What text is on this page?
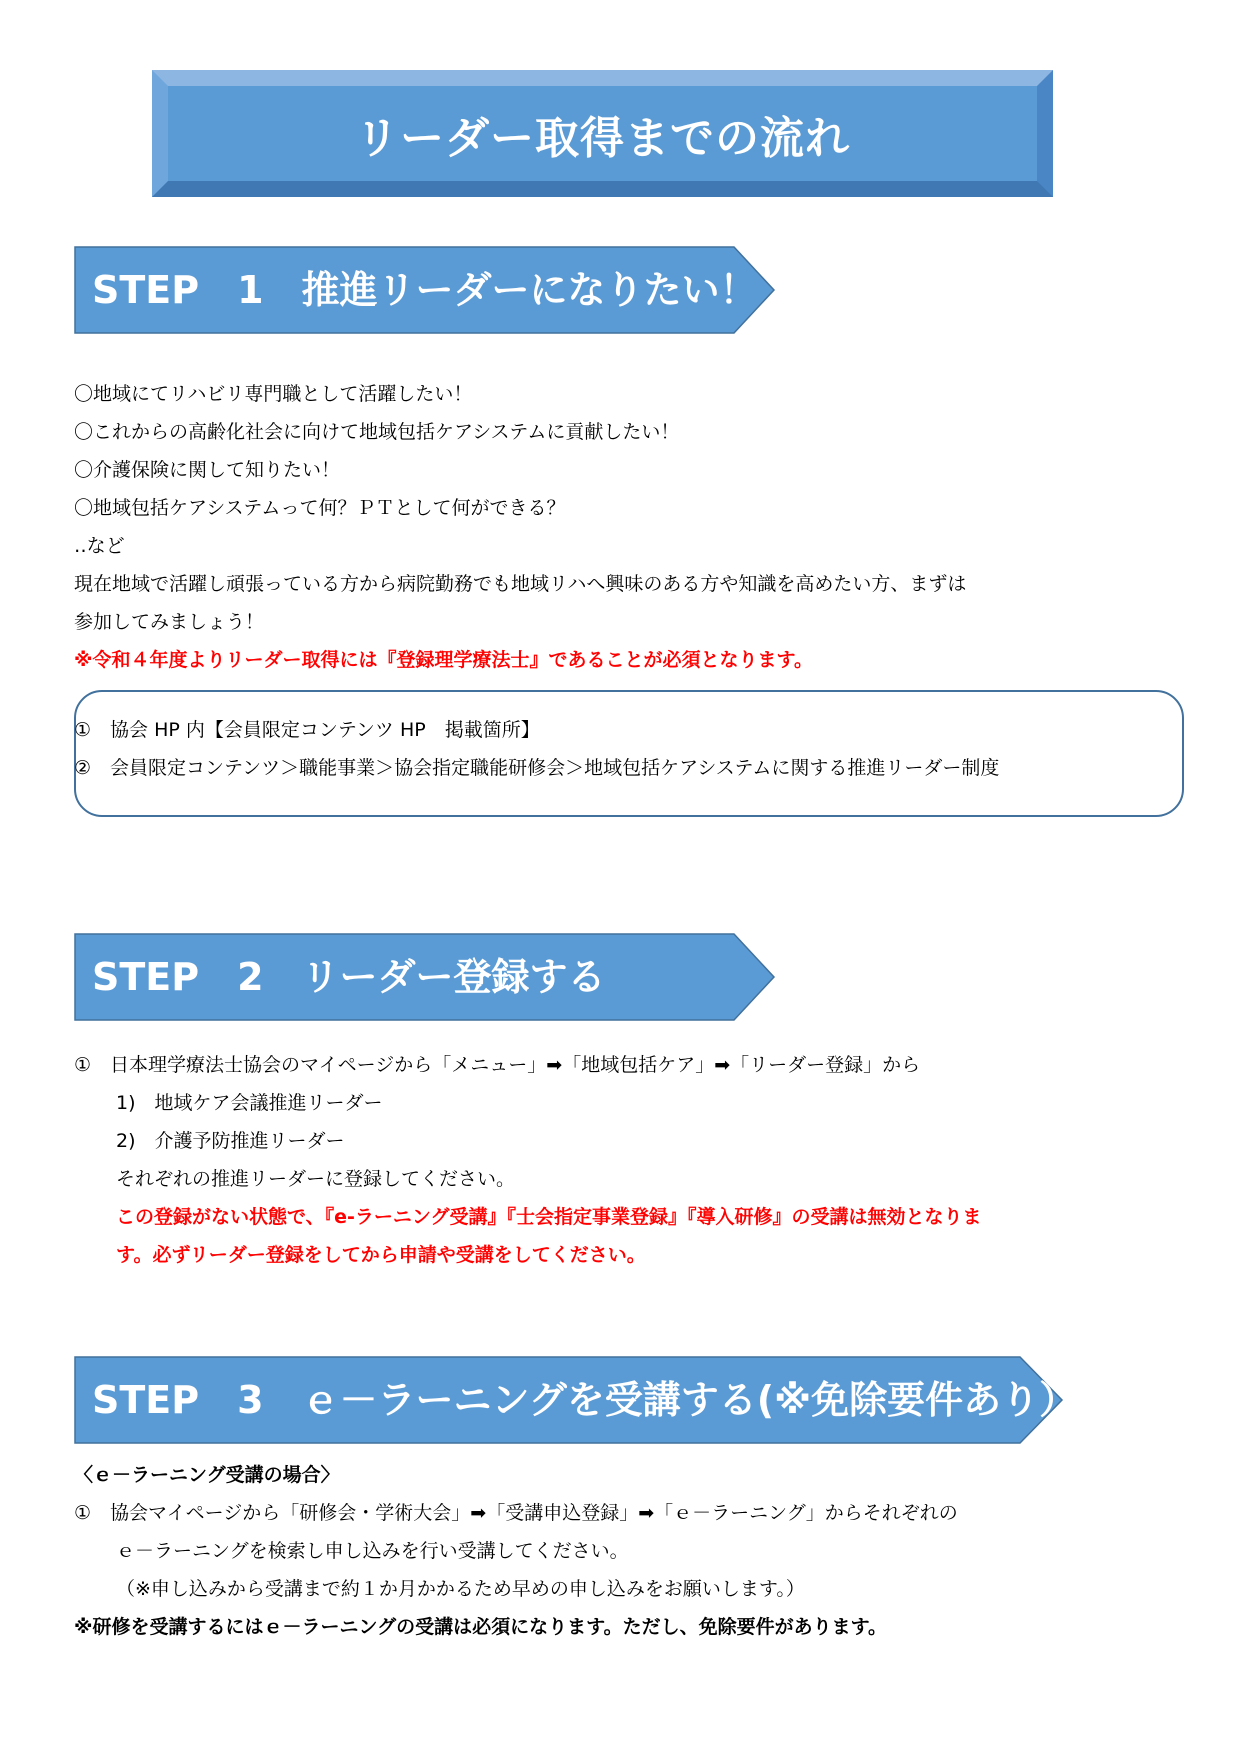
リーダー取得までの流れ
STEP　1　推進リーダーになりたい！
〇地域にてリハビリ専門職として活躍したい！
〇これからの高齢化社会に向けて地域包括ケアシステムに貢献したい！
〇介護保険に関して知りたい！
〇地域包括ケアシステムって何？ＰＴとして何ができる？
‥など
現在地域で活躍し頑張っている方から病院勤務でも地域リハへ興味のある方や知識を高めたい方、まずは
参加してみましょう！
※令和４年度よりリーダー取得には『登録理学療法士』であることが必須となります。
①　協会 HP 内【会員限定コンテンツ HP　掲載箇所】
②　会員限定コンテンツ＞職能事業＞協会指定職能研修会＞地域包括ケアシステムに関する推進リーダー制度
STEP　2　リーダー登録する
①　日本理学療法士協会のマイページから「メニュー」➡「地域包括ケア」➡「リーダー登録」から
1)　地域ケア会議推進リーダー
2)　介護予防推進リーダー
それぞれの推進リーダーに登録してください。
この登録がない状態で、『e-ラーニング受講』『士会指定事業登録』『導入研修』の受講は無効となりま
す。必ずリーダー登録をしてから申請や受講をしてください。
STEP　3　ｅ－ラーニングを受講する(※免除要件あり）
〈ｅ－ラーニング受講の場合〉
①　協会マイページから「研修会・学術大会」➡「受講申込登録」➡「ｅ－ラーニング」からそれぞれの
ｅ－ラーニングを検索し申し込みを行い受講してください。
（※申し込みから受講まで約１か月かかるため早めの申し込みをお願いします。）
※研修を受講するにはｅ－ラーニングの受講は必須になります。ただし、免除要件があります。
